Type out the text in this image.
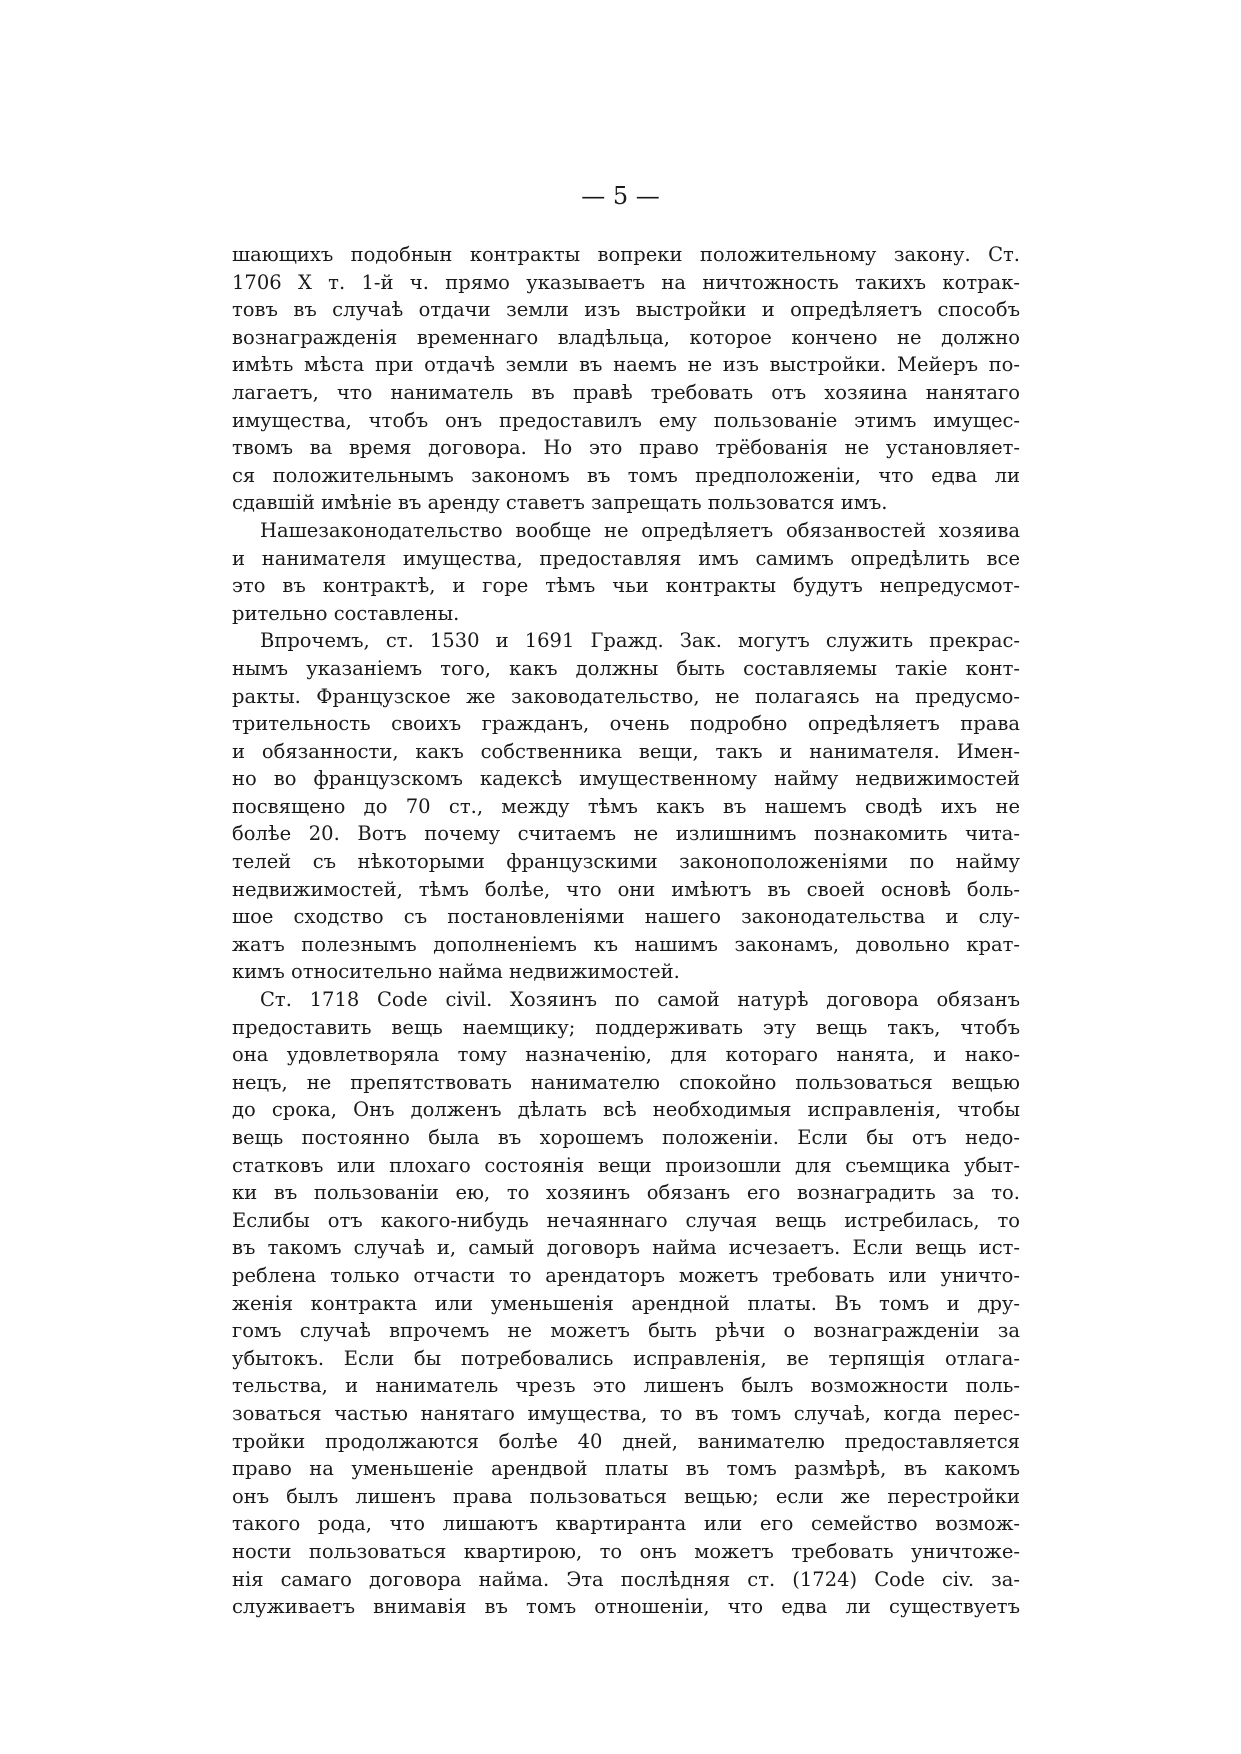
— 5 —
шающихъ подобнын контракты вопреки положительному закону. Ст.
1706 X т. 1-й ч. прямо указываетъ на ничтожность такихъ котрак-
товъ въ случаѣ отдачи земли изъ выстройки и опредѣляетъ способъ
вознагражденія временнаго владѣльца, которое кончено не должно
имѣть мѣста при отдачѣ земли въ наемъ не изъ выстройки. Мейеръ по-
лагаетъ, что наниматель въ правѣ требовать отъ хозяина нанятаго
имущества, чтобъ онъ предоставилъ ему пользованіе этимъ имущес-
твомъ ва время договора. Но это право трёбованія не установляет-
ся положительнымъ закономъ въ томъ предположеніи, что едва ли
сдавшій имѣніе въ аренду ставетъ запрещать пользоватся имъ.
Нашезаконодательство вообще не опредѣляетъ обязанвостей хозяива
и нанимателя имущества, предоставляя имъ самимъ опредѣлить все
это въ контрактѣ, и горе тѣмъ чьи контракты будутъ непредусмот-
рительно составлены.
Впрочемъ, ст. 1530 и 1691 Гражд. Зак. могутъ служить прекрас-
нымъ указаніемъ того, какъ должны быть составляемы такіе конт-
ракты. Французское же заководательство, не полагаясь на предусмо-
трительность своихъ гражданъ, очень подробно опредѣляетъ права
и обязанности, какъ собственника вещи, такъ и нанимателя. Имен-
но во французскомъ кадексѣ имущественному найму недвижимостей
посвящено до 70 ст., между тѣмъ какъ въ нашемъ сводѣ ихъ не
болѣе 20. Вотъ почему считаемъ не излишнимъ познакомить чита-
телей съ нѣкоторыми французскими законоположеніями по найму
недвижимостей, тѣмъ болѣе, что они имѣютъ въ своей основѣ боль-
шое сходство съ постановленіями нашего законодательства и слу-
жатъ полезнымъ дополненіемъ къ нашимъ законамъ, довольно крат-
кимъ относительно найма недвижимостей.
Ст. 1718 Code civil. Хозяинъ по самой натурѣ договора обязанъ
предоставить вещь наемщику; поддерживать эту вещь такъ, чтобъ
она удовлетворяла тому назначенію, для котораго нанята, и нако-
нецъ, не препятствовать нанимателю спокойно пользоваться вещью
до срока, Онъ долженъ дѣлать всѣ необходимыя исправленія, чтобы
вещь постоянно была въ хорошемъ положеніи. Если бы отъ недо-
статковъ или плохаго состоянія вещи произошли для съемщика убыт-
ки въ пользованіи ею, то хозяинъ обязанъ его вознаградить за то.
Еслибы отъ какого-нибудь нечаяннаго случая вещь истребилась, то
въ такомъ случаѣ и, самый договоръ найма исчезаетъ. Если вещь ист-
реблена только отчасти то арендаторъ можетъ требовать или уничто-
женія контракта или уменьшенія арендной платы. Въ томъ и дру-
гомъ случаѣ впрочемъ не можетъ быть рѣчи о вознагражденіи за
убытокъ. Если бы потребовались исправленія, ве терпящія отлага-
тельства, и наниматель чрезъ это лишенъ былъ возможности поль-
зоваться частью нанятаго имущества, то въ томъ случаѣ, когда перес-
тройки продолжаются болѣе 40 дней, ванимателю предоставляется
право на уменьшеніе арендвой платы въ томъ размѣрѣ, въ какомъ
онъ былъ лишенъ права пользоваться вещью; если же перестройки
такого рода, что лишаютъ квартиранта или его семейство возмож-
ности пользоваться квартирою, то онъ можетъ требовать уничтоже-
нія самаго договора найма. Эта послѣдняя ст. (1724) Code civ. за-
служиваетъ внимавія въ томъ отношеніи, что едва ли существуетъ
